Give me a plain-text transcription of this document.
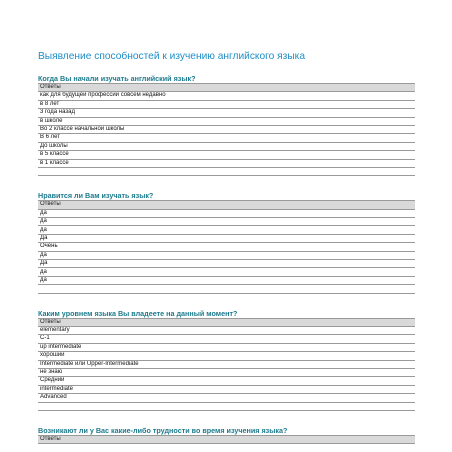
Выявление способностей к изучению английского языка
Когда Вы начали изучать английский язык?
Ответы
как для будущей профессии совсем недавно
в 8 лет
3 года назад
в школе
Во 2 классе начальной школы
В 6 лет
До школы
в 5 классе
в 1 классе

Нравится ли Вам изучать язык?
Ответы
да
да
да
Да
Очень
да
Да
да
да

Каким уровнем языка Вы владеете на данный момент?
Ответы
elementary
C-1
up intermediate
хороший
Intermediate или Upper-Intermediate
не знаю
Средний
intermediate
Advanced

Возникают ли у Вас какие-либо трудности во время изучения языка?
Ответы
